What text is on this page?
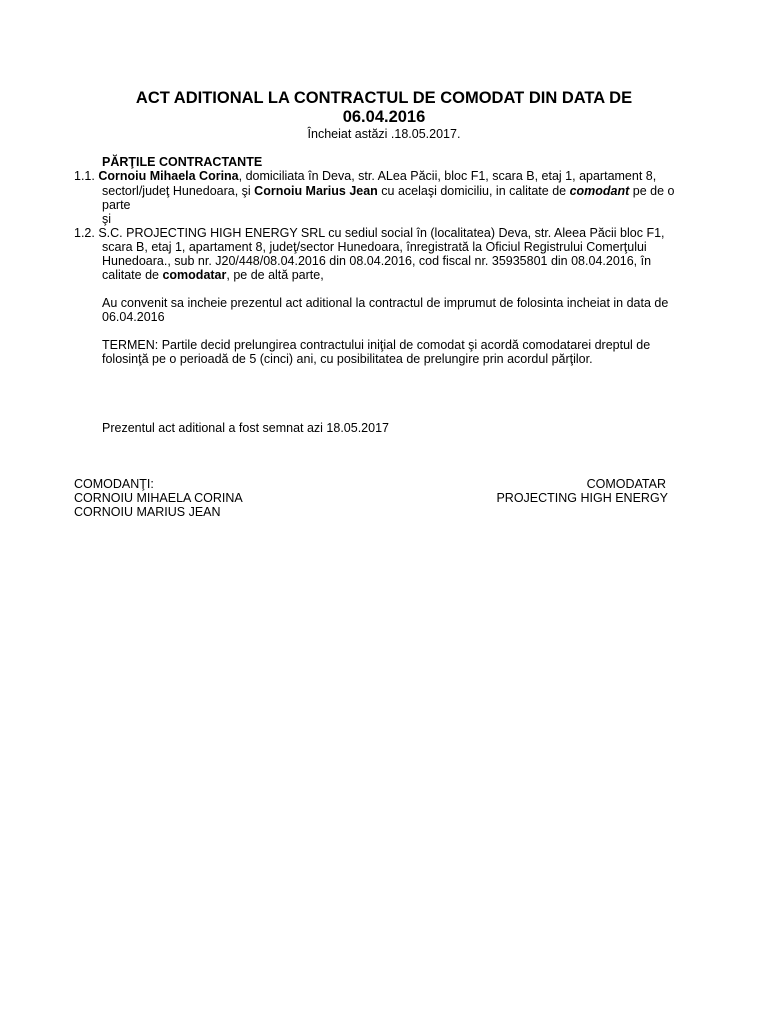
ACT ADITIONAL LA CONTRACTUL DE COMODAT DIN DATA DE
06.04.2016
Încheiat astăzi .18.05.2017.
PĂRŢILE CONTRACTANTE
1.1. Cornoiu Mihaela Corina, domiciliata în Deva, str. ALea Păcii, bloc F1, scara B, etaj 1, apartament 8,
sectorl/judeţ Hunedoara, şi Cornoiu Marius Jean cu acelaşi domiciliu, in calitate de comodant pe de o
parte
şi
1.2. S.C. PROJECTING HIGH ENERGY SRL cu sediul social în (localitatea) Deva, str. Aleea Păcii bloc F1,
scara B, etaj 1, apartament 8, judeţ/sector Hunedoara, înregistrată la Oficiul Registrului Comerţului
Hunedoara., sub nr. J20/448/08.04.2016 din 08.04.2016, cod fiscal nr. 35935801 din 08.04.2016, în
calitate de comodatar, pe de altă parte,
Au convenit sa incheie prezentul act aditional la contractul de imprumut de folosinta incheiat in data de
06.04.2016
TERMEN: Partile decid prelungirea contractului iniţial de comodat şi acordă comodatarei dreptul de
folosinţă pe o perioadă de 5 (cinci) ani, cu posibilitatea de prelungire prin acordul părţilor.
Prezentul act aditional a fost semnat azi 18.05.2017
COMODANŢI:
CORNOIU MIHAELA CORINA
CORNOIU MARIUS JEAN
COMODATAR
PROJECTING HIGH ENERGY
